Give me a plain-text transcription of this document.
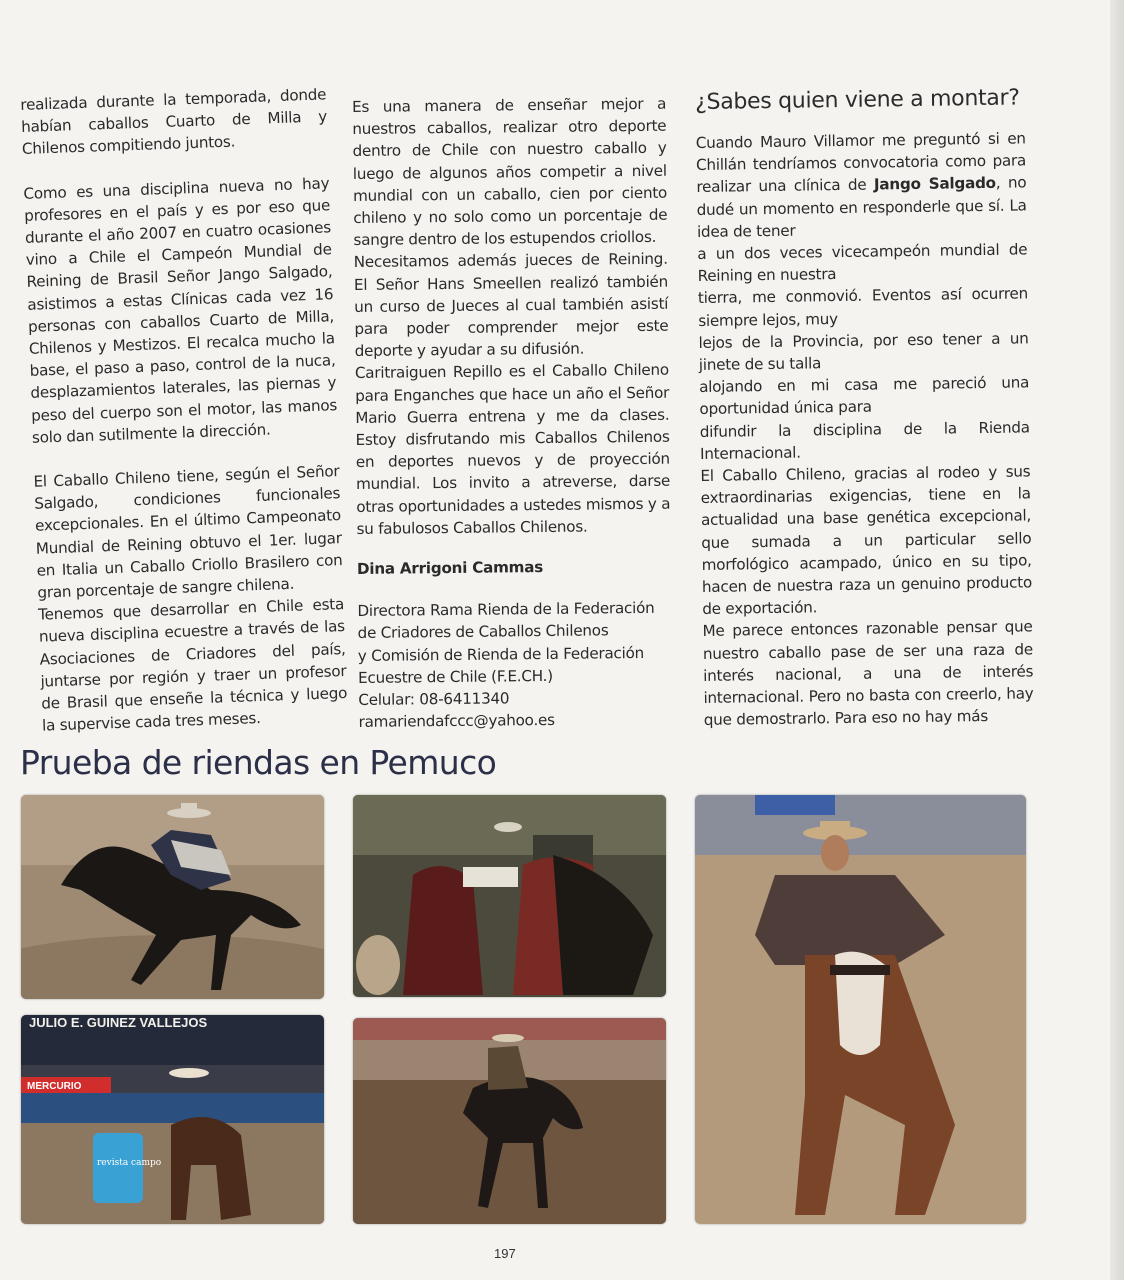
realizada durante la temporada, donde habían caballos Cuarto de Milla y Chilenos compitiendo juntos.

Como es una disciplina nueva no hay profesores en el país y es por eso que durante el año 2007 en cuatro ocasiones vino a Chile el Campeón Mundial de Reining de Brasil Señor Jango Salgado, asistimos a estas Clínicas cada vez 16 personas con caballos Cuarto de Milla, Chilenos y Mestizos. El recalca mucho la base, el paso a paso, control de la nuca, desplazamientos laterales, las piernas y peso del cuerpo son el motor, las manos solo dan sutilmente la dirección.

El Caballo Chileno tiene, según el Señor Salgado, condiciones funcionales excepcionales. En el último Campeonato Mundial de Reining obtuvo el 1er. lugar en Italia un Caballo Criollo Brasilero con gran porcentaje de sangre chilena.

Tenemos que desarrollar en Chile esta nueva disciplina ecuestre a través de las Asociaciones de Criadores del país, juntarse por región y traer un profesor de Brasil que enseñe la técnica y luego la supervise cada tres meses.

Es una manera de enseñar mejor a nuestros caballos, realizar otro deporte dentro de Chile con nuestro caballo y luego de algunos años competir a nivel mundial con un caballo, cien por ciento chileno y no solo como un porcentaje de sangre dentro de los estupendos criollos.

Necesitamos además jueces de Reining. El Señor Hans Smeellen realizó también un curso de Jueces al cual también asistí para poder comprender mejor este deporte y ayudar a su difusión.

Caritraiguen Repillo es el Caballo Chileno para Enganches que hace un año el Señor Mario Guerra entrena y me da clases. Estoy disfrutando mis Caballos Chilenos en deportes nuevos y de proyección mundial. Los invito a atreverse, darse otras oportunidades a ustedes mismos y a su fabulosos Caballos Chilenos.

Dina Arrigoni Cammas

Directora Rama Rienda de la Federación

de Criadores de Caballos Chilenos

y Comisión de Rienda de la Federación

Ecuestre de Chile (F.E.CH.)

Celular: 08-6411340

ramariendafccc@yahoo.es

¿Sabes quien viene a montar?

Cuando Mauro Villamor me preguntó si en Chillán tendríamos convocatoria como para realizar una clínica de Jango Salgado, no dudé un momento en responderle que sí. La idea de tener

a un dos veces vicecampeón mundial de Reining en nuestra

tierra, me conmovió. Eventos así ocurren siempre lejos, muy

lejos de la Provincia, por eso tener a un jinete de su talla

alojando en mi casa me pareció una oportunidad única para

difundir la disciplina de la Rienda Internacional.

El Caballo Chileno, gracias al rodeo y sus extraordinarias exigencias, tiene en la actualidad una base genética excepcional, que sumada a un particular sello morfológico acampado, único en su tipo, hacen de nuestra raza un genuino producto de exportación.

Me parece entonces razonable pensar que nuestro caballo pase de ser una raza de interés nacional, a una de interés internacional. Pero no basta con creerlo, hay que demostrarlo. Para eso no hay más

Prueba de riendas en Pemuco
JULIO E. GUINEZ VALLEJOS
MERCURIO
revista campo
197
